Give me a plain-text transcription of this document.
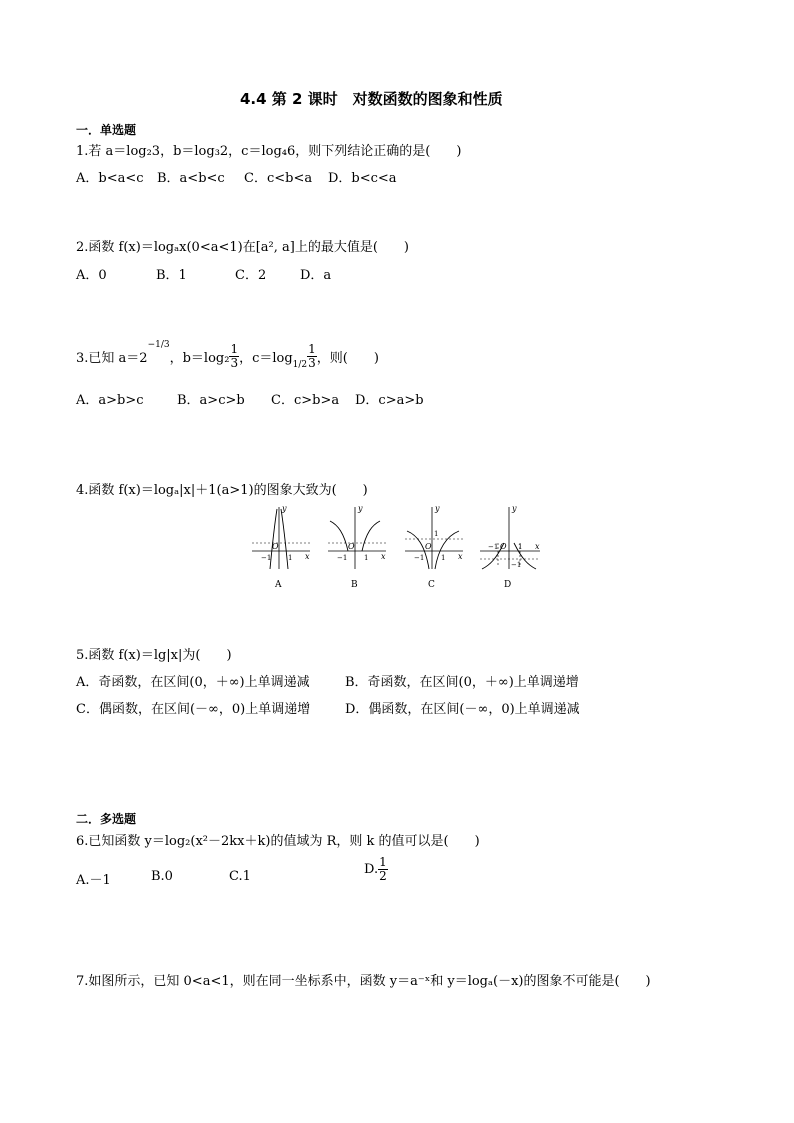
4.4 第 2 课时　对数函数的图象和性质
一．单选题
1.若 a＝log₂3，b＝log₃2，c＝log₄6，则下列结论正确的是(　　)
A．b<a<c B．a<b<c C．c<b<a D．b<c<a
2.函数 f(x)＝logₐx(0<a<1)在[a², a]上的最大值是(　　)
A．0	B．1	C．2	D．a
3.已知 a＝2
−1/3
，$b=\log_2 \frac{1}{3}$ ，c＝log $1/2 \frac{1}{3}$ ，则(　　)
A．a>b>c	B．a>c>b C．c>b>a D．c>a>b
4.函数 f(x)＝logₐ|x|＋1(a>1)的图象大致为(　　)
y
x
O
−1 1
A
y
x
O
−1 1
B
y
x
O
1
−1 1
C
y
x
O
−1	1
−1
D
5.函数 f(x)＝lg|x|为(　　)
A．奇函数，在区间(0，＋∞)上单调递减	B．奇函数，在区间(0，＋∞)上单调递增
C．偶函数，在区间(－∞，0)上单调递增	D．偶函数，在区间(－∞，0)上单调递减
二．多选题
6.已知函数 y＝log₂(x²－2kx＋k)的值域为 R，则 k 的值可以是(　　)
A.－1	B.0	C.1	D. $\frac{1}{2}$
7.如图所示，已知 0<a<1，则在同一坐标系中，函数 y＝a⁻ˣ和 y＝logₐ(－x)的图象不可能是(　　)
